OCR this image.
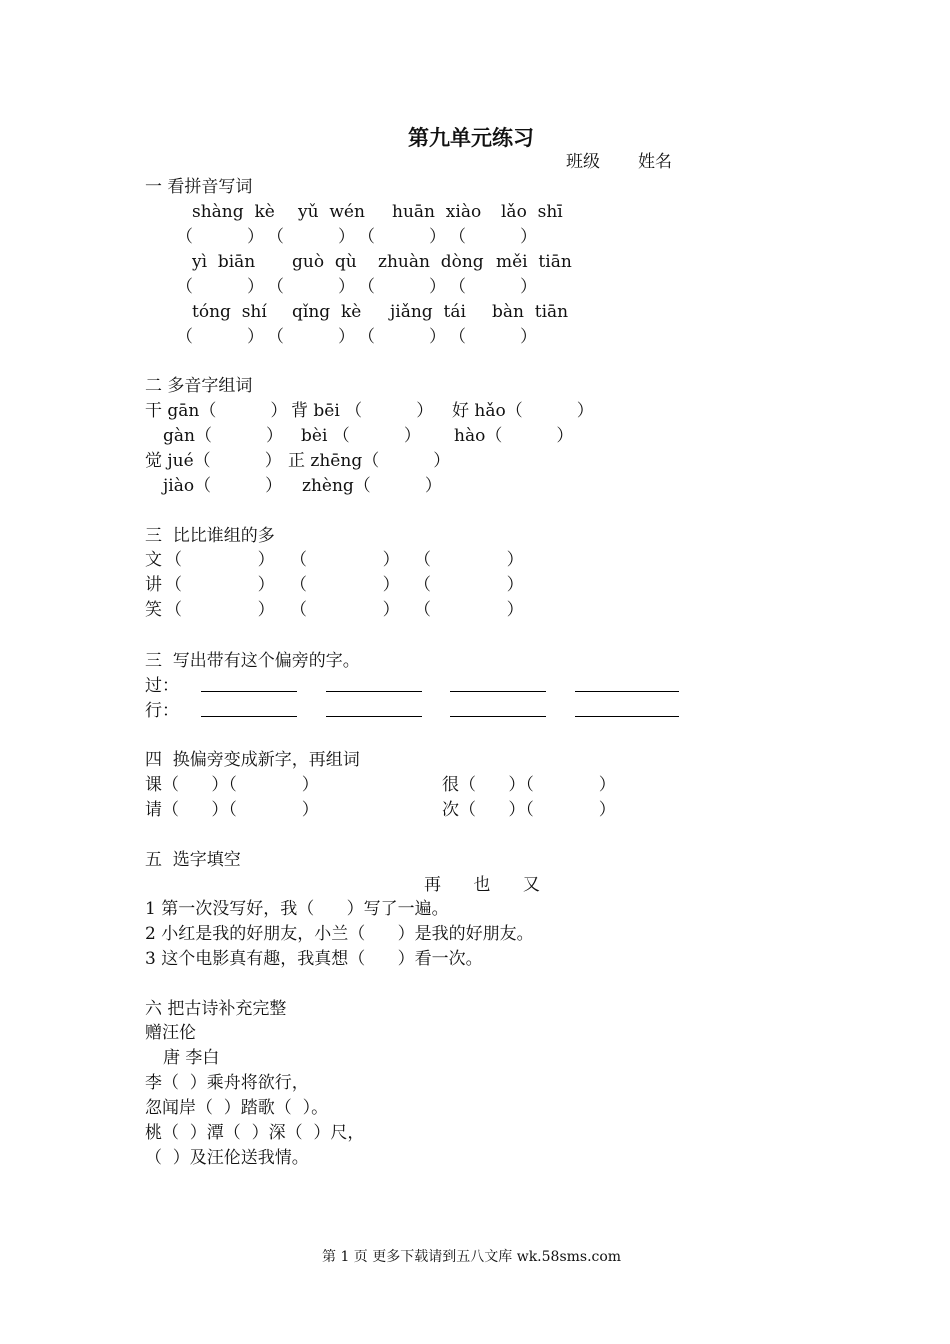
第九单元练习
班级 姓名
一 看拼音写词
shàng  kè yǔ  wén huān  xiào lǎo  shī
（          ） （          ） （          ） （          ）
yì  biān guò  qù zhuàn  dòng měi  tiān
（          ） （          ） （          ） （          ）
tóng  shí qǐng  kè jiǎng  tái bàn  tiān
（          ） （          ） （          ） （          ）
二 多音字组词
干 gān（          ） 背 bēi （          ） 好 hǎo（          ）
gàn（          ） bèi （          ） hào（          ）
觉 jué（          ） 正 zhēng（          ）
jiào（          ） zhèng（          ）
三  比比谁组的多
文 （              ） （              ） （              ）
讲 （              ） （              ） （              ）
笑 （              ） （              ） （              ）
三  写出带有这个偏旁的字。
过：
行：
四  换偏旁变成新字，再组词
课（      ）（            ）	很（      ）（            ）
请（      ）（            ）	次（      ）（            ）
五  选字填空
再      也      又
1 第一次没写好，我（      ）写了一遍。
2 小红是我的好朋友，小兰（      ）是我的好朋友。
3 这个电影真有趣，我真想（      ）看一次。
六 把古诗补充完整
赠汪伦
唐 李白
李（  ）乘舟将欲行，
忽闻岸（  ）踏歌（  ）。
桃（  ）潭（  ）深（  ）尺，
（  ）及汪伦送我情。
第 1 页 更多下载请到五八文库 wk.58sms.com
